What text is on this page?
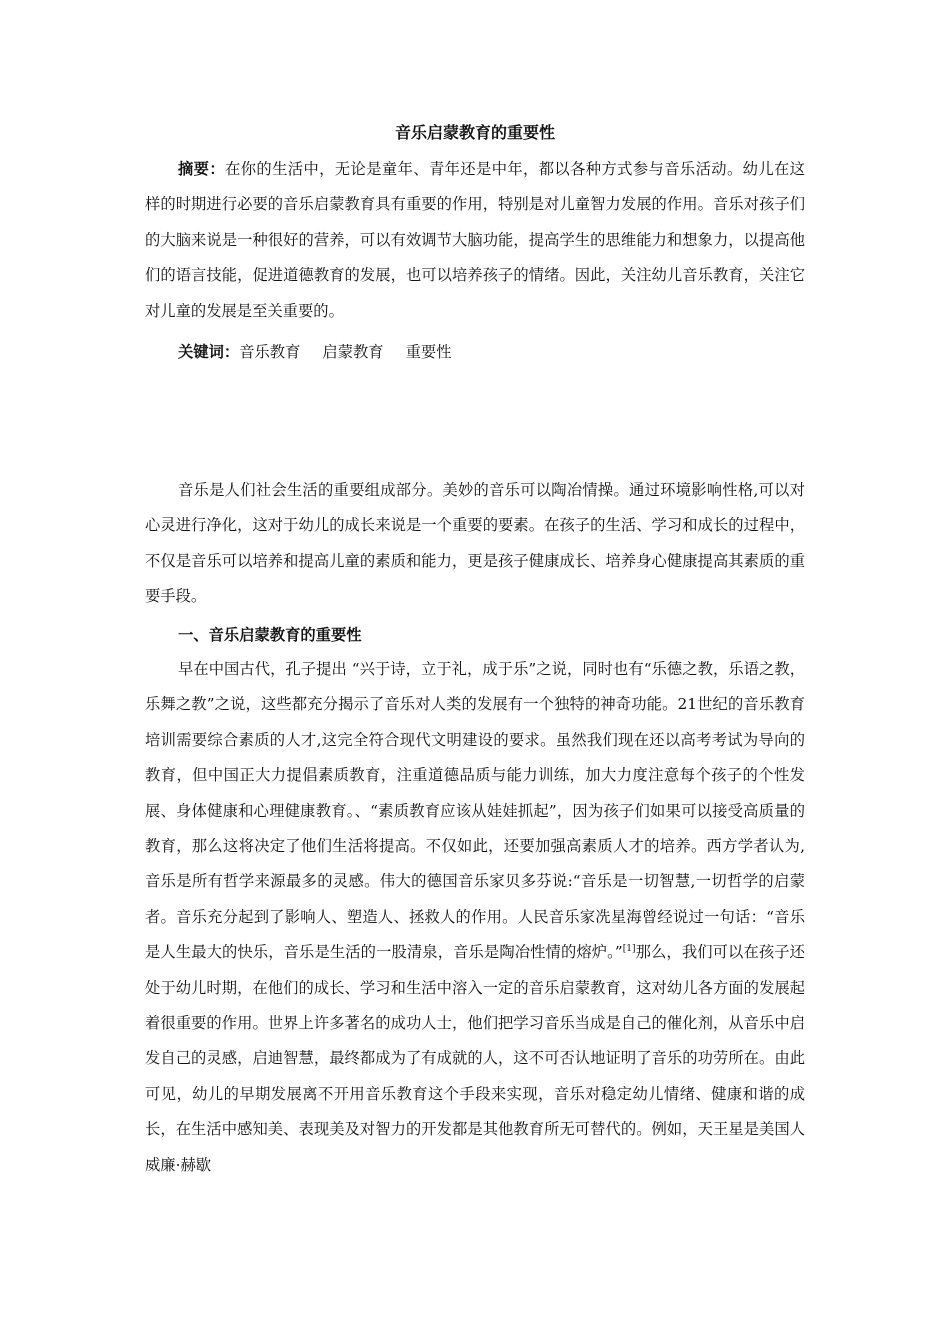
音乐启蒙教育的重要性

摘要：在你的生活中，无论是童年、青年还是中年，都以各种方式参与音乐活动。幼儿在这样的时期进行必要的音乐启蒙教育具有重要的作用，特别是对儿童智力发展的作用。音乐对孩子们的大脑来说是一种很好的营养，可以有效调节大脑功能，提高学生的思维能力和想象力，以提高他们的语言技能，促进道德教育的发展，也可以培养孩子的情绪。因此，关注幼儿音乐教育，关注它对儿童的发展是至关重要的。

关键词：音乐教育 启蒙教育 重要性

音乐是人们社会生活的重要组成部分。美妙的音乐可以陶冶情操。通过环境影响性格,可以对心灵进行净化，这对于幼儿的成长来说是一个重要的要素。在孩子的生活、学习和成长的过程中，不仅是音乐可以培养和提高儿童的素质和能力，更是孩子健康成长、培养身心健康提高其素质的重要手段。

一、音乐启蒙教育的重要性

早在中国古代，孔子提出 “兴于诗，立于礼，成于乐”之说，同时也有“乐德之教，乐语之教，乐舞之教”之说，这些都充分揭示了音乐对人类的发展有一个独特的神奇功能。21世纪的音乐教育培训需要综合素质的人才,这完全符合现代文明建设的要求。虽然我们现在还以高考考试为导向的教育，但中国正大力提倡素质教育，注重道德品质与能力训练，加大力度注意每个孩子的个性发展、身体健康和心理健康教育。、“素质教育应该从娃娃抓起”，因为孩子们如果可以接受高质量的教育，那么这将决定了他们生活将提高。不仅如此，还要加强高素质人才的培养。西方学者认为,音乐是所有哲学来源最多的灵感。伟大的德国音乐家贝多芬说:“音乐是一切智慧,一切哲学的启蒙者。音乐充分起到了影响人、塑造人、拯救人的作用。人民音乐家冼星海曾经说过一句话：“音乐是人生最大的快乐，音乐是生活的一股清泉，音乐是陶冶性情的熔炉。”[1]那么，我们可以在孩子还处于幼儿时期，在他们的成长、学习和生活中溶入一定的音乐启蒙教育，这对幼儿各方面的发展起着很重要的作用。世界上许多著名的成功人士，他们把学习音乐当成是自己的催化剂，从音乐中启发自己的灵感，启迪智慧，最终都成为了有成就的人，这不可否认地证明了音乐的功劳所在。由此可见，幼儿的早期发展离不开用音乐教育这个手段来实现，音乐对稳定幼儿情绪、健康和谐的成长，在生活中感知美、表现美及对智力的开发都是其他教育所无可替代的。例如，天王星是美国人威廉·赫歇
